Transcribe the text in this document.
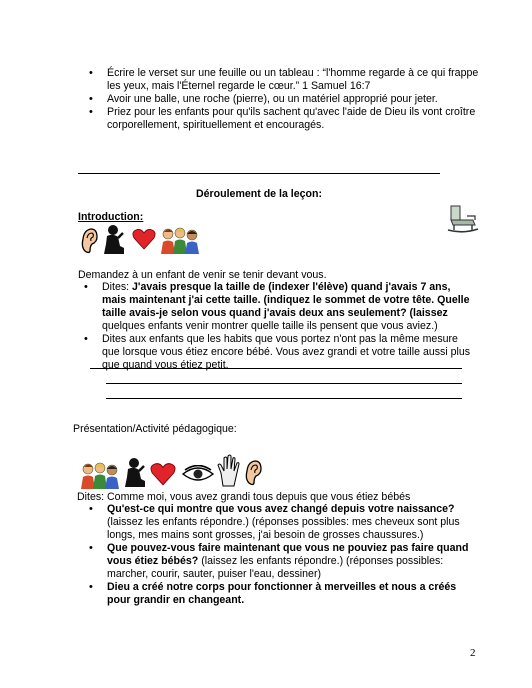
• Écrire le verset sur une feuille ou un tableau : “l'homme regarde à ce qui frappe les yeux, mais l'Éternel regarde le cœur.” 1 Samuel 16:7
• Avoir une balle, une roche (pierre), ou un matériel approprié pour jeter.
• Priez pour les enfants pour qu'ils sachent qu'avec l'aide de Dieu ils vont croître corporellement, spirituellement et encouragés.
Déroulement de la leçon:
Introduction:
Demandez à un enfant de venir se tenir devant vous.
• Dites: J'avais presque la taille de (indexer l'élève) quand j'avais 7 ans, mais maintenant j'ai cette taille. (indiquez le sommet de votre tête. Quelle taille avais-je selon vous quand j'avais deux ans seulement? (laissez quelques enfants venir montrer quelle taille ils pensent que vous aviez.)
• Dites aux enfants que les habits que vous portez n'ont pas la même mesure que lorsque vous étiez encore bébé. Vous avez grandi et votre taille aussi plus que quand vous étiez petit.
Présentation/Activité pédagogique:
Dites: Comme moi, vous avez grandi tous depuis que vous étiez bébés
• Qu'est-ce qui montre que vous avez changé depuis votre naissance? (laissez les enfants répondre.) (réponses possibles: mes cheveux sont plus longs, mes mains sont grosses, j'ai besoin de grosses chaussures.)
• Que pouvez-vous faire maintenant que vous ne pouviez pas faire quand vous étiez bébés? (laissez les enfants répondre.) (réponses possibles: marcher, courir, sauter, puiser l'eau, dessiner)
• Dieu a créé notre corps pour fonctionner à merveilles et nous a créés pour grandir en changeant.
2
